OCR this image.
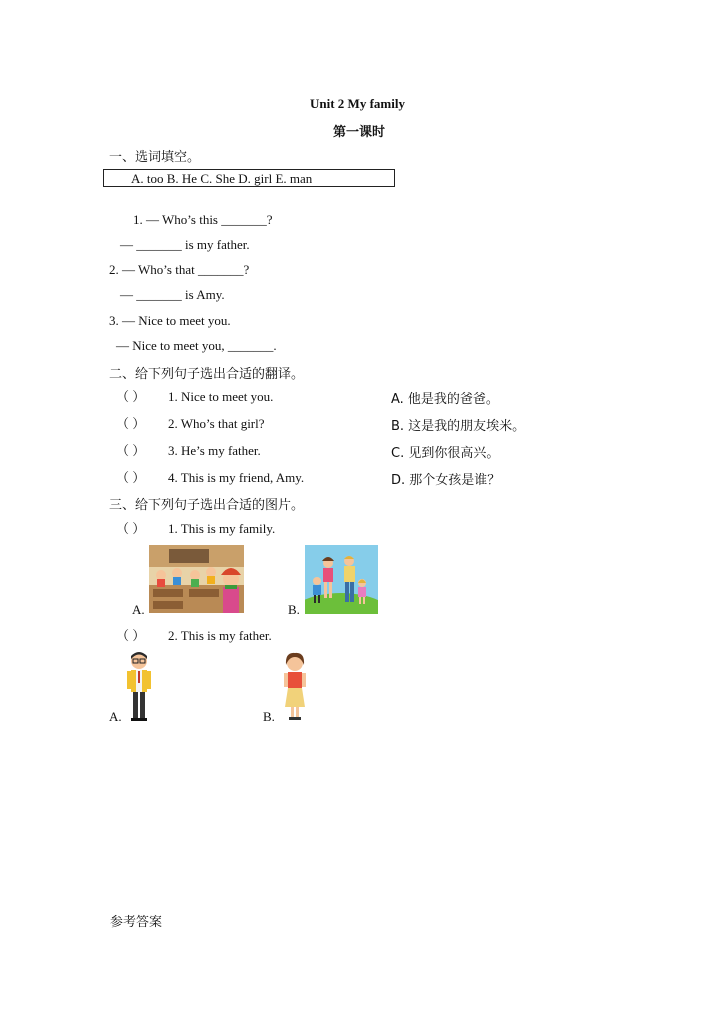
Unit 2 My family
第一课时
一、选词填空。
A. too B. He C. She D. girl E. man
1. — Who’s this _______?
— _______ is my father.
2. — Who’s that _______?
— _______ is Amy.
3. — Nice to meet you.
— Nice to meet you, _______.
二、给下列句子选出合适的翻译。
（ ） 1. Nice to meet you.	A. 他是我的爸爸。
（ ） 2. Who’s that girl?	B. 这是我的朋友埃米。
（ ） 3. He’s my father.	C. 见到你很高兴。
（ ） 4. This is my friend, Amy.	D. 那个女孩是谁？
三、给下列句子选出合适的图片。
（ ） 1. This is my family.
A.	B.
（ ） 2. This is my father.
A.	B.
参考答案
